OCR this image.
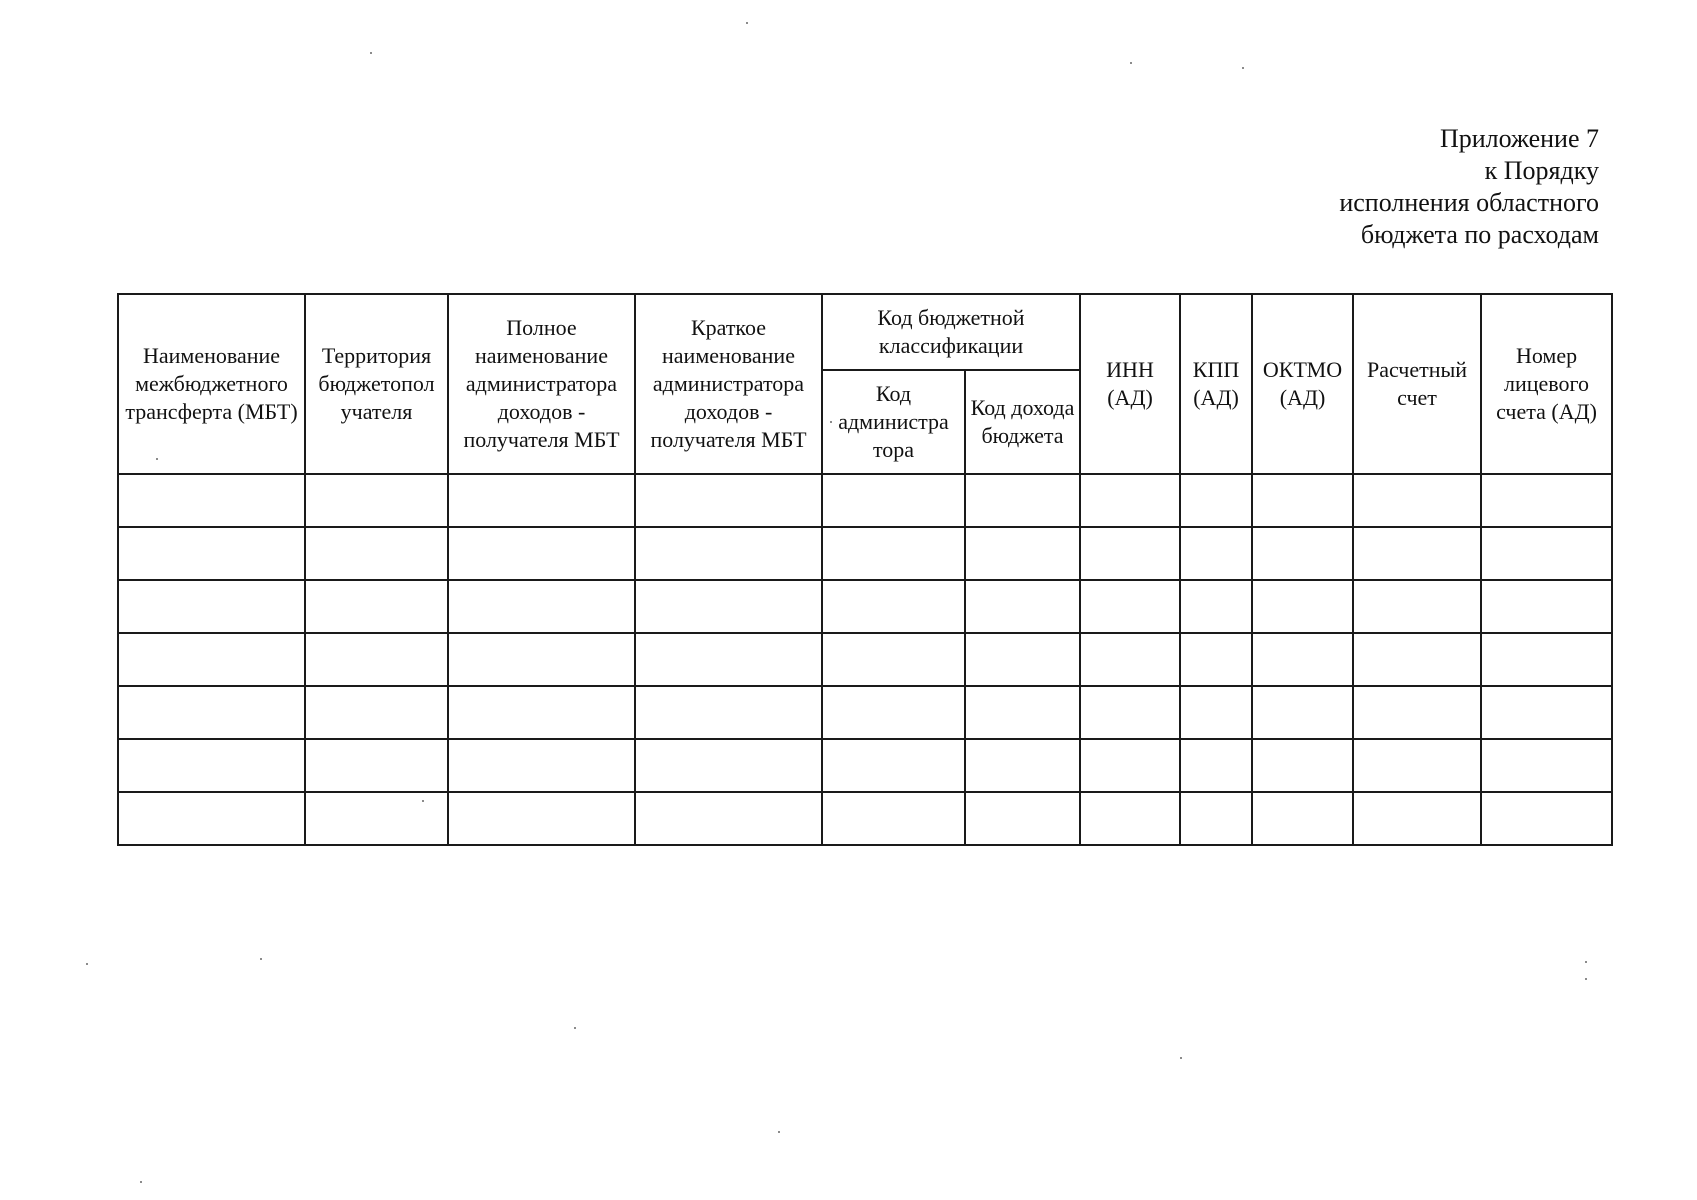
Приложение 7
к Порядку
исполнения областного
бюджета по расходам
Наименование межбюджетного трансферта (МБТ)	Территория бюджетопол учателя	Полное наименование администратора доходов - получателя МБТ	Краткое наименование администратора доходов - получателя МБТ	Код бюджетной классификации		ИНН (АД)	КПП (АД)	ОКТМО (АД)	Расчетный счет	Номер лицевого счета (АД)
				Код администра тора	Код дохода бюджета					
